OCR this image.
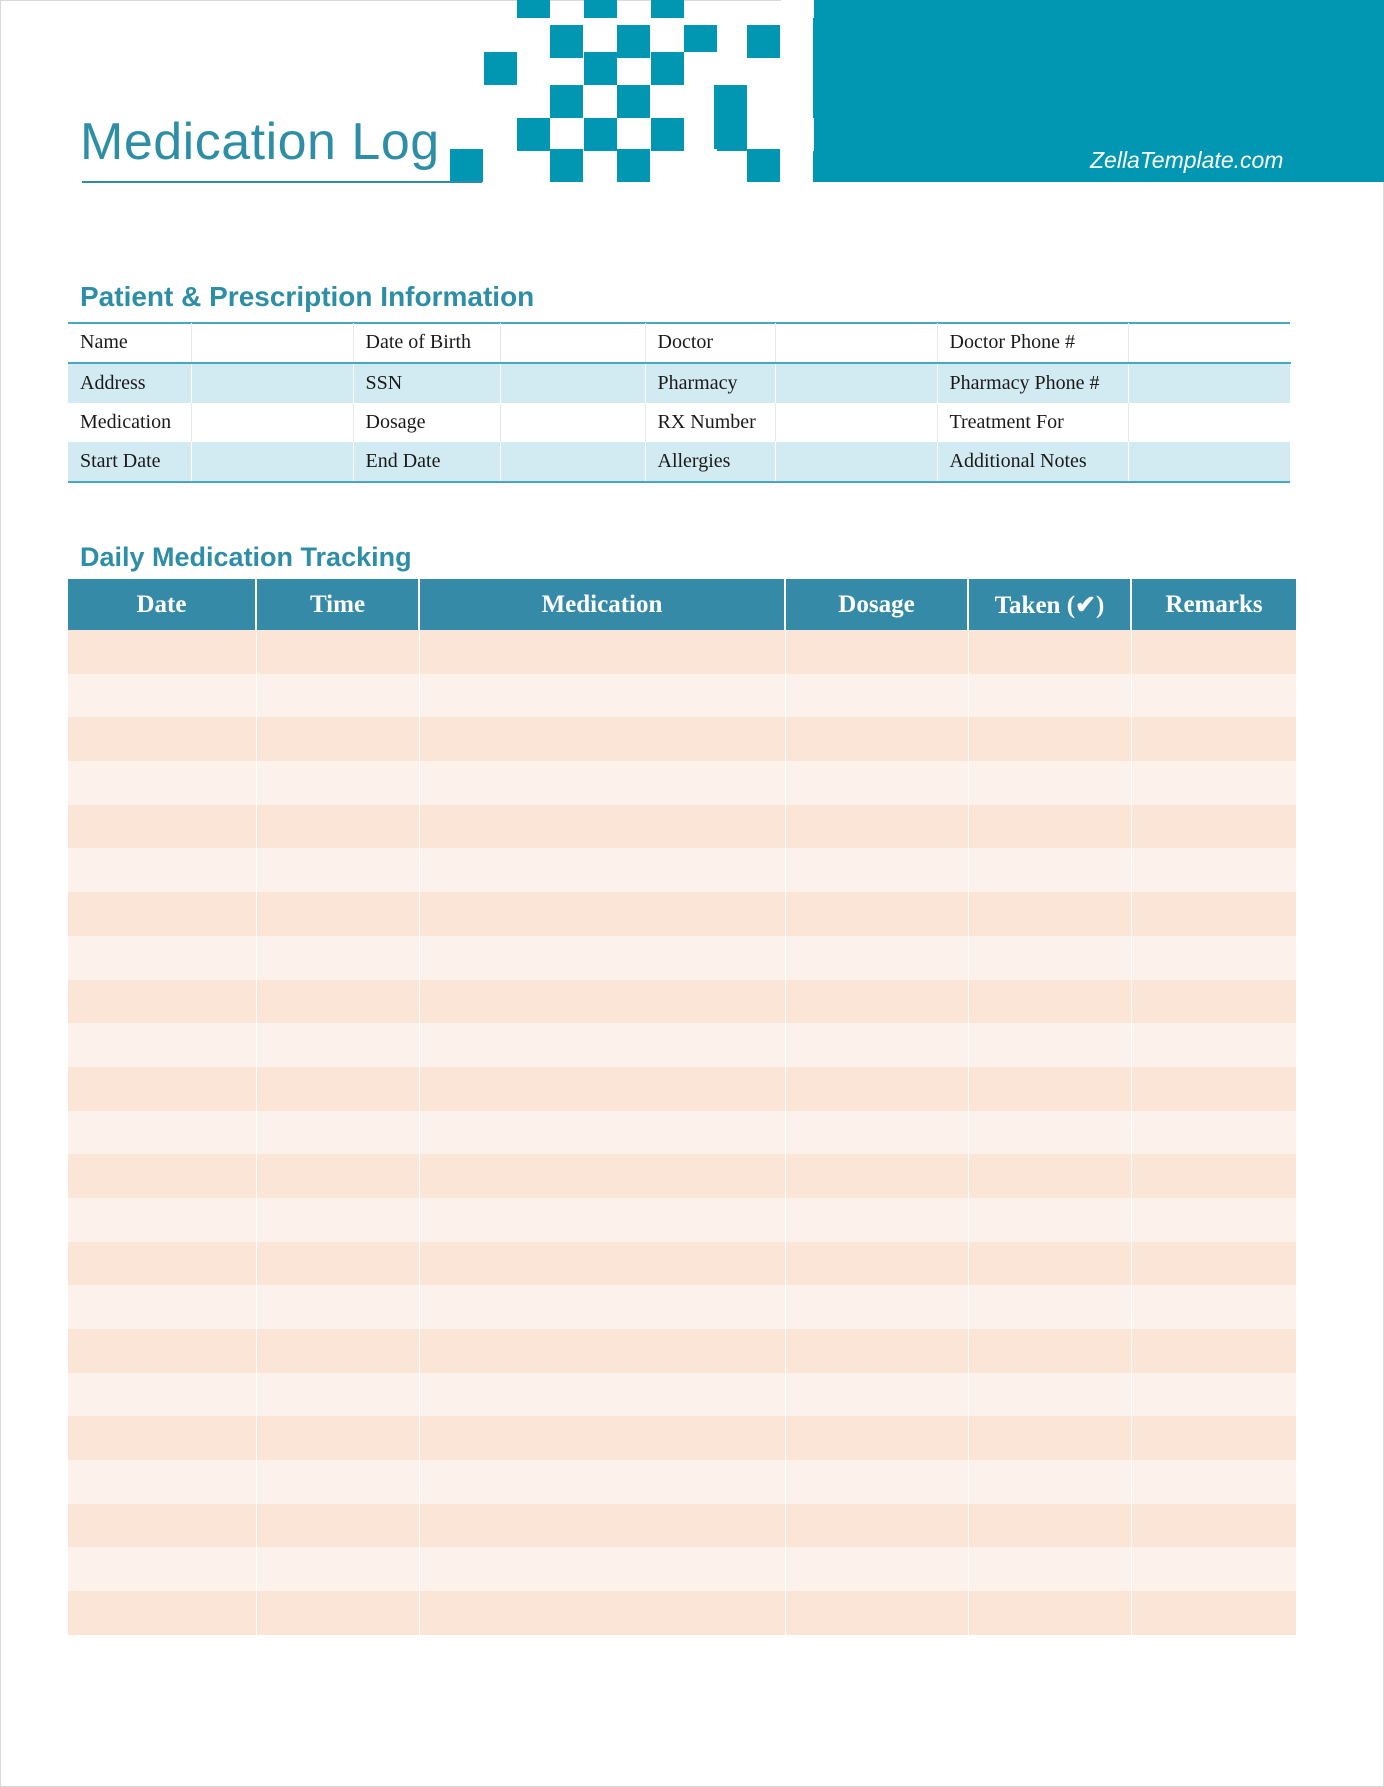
Medication Log	ZellaTemplate.com
Patient & Prescription Information
Name		Date of Birth		Doctor		Doctor Phone #	
Address		SSN		Pharmacy		Pharmacy Phone #	
Medication		Dosage		RX Number		Treatment For	
Start Date		End Date		Allergies		Additional Notes	
Daily Medication Tracking
Date	Time	Medication	Dosage	Taken (✔)	Remarks
